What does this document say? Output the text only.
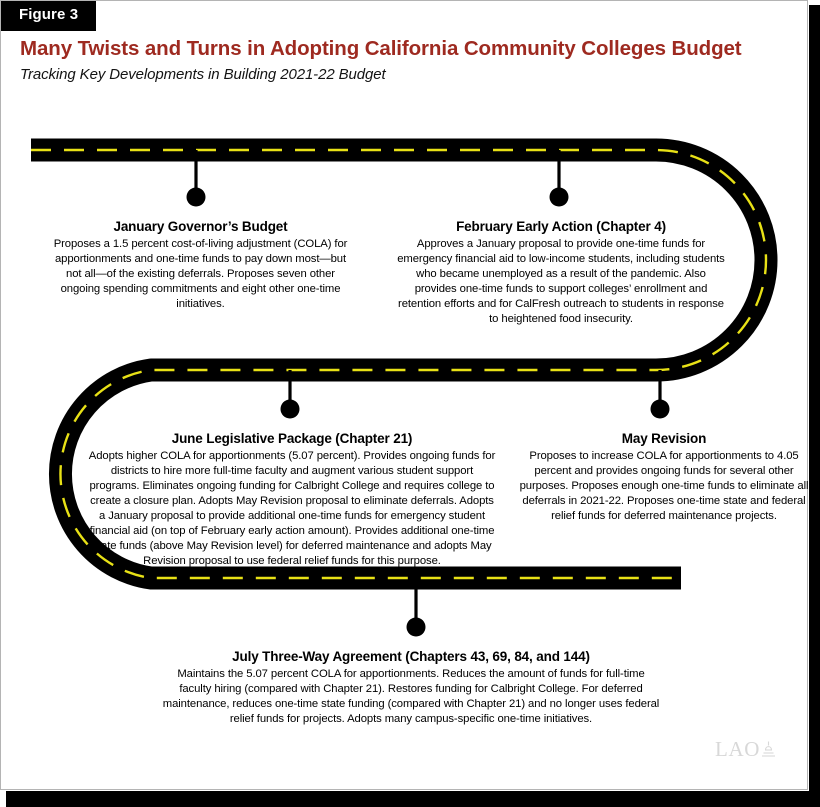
Figure 3
Many Twists and Turns in Adopting California Community Colleges Budget
Tracking Key Developments in Building 2021-22 Budget

January Governor’s Budget

Proposes a 1.5 percent cost-of-living adjustment (COLA) for apportionments and one-time funds to pay down most—but not all—of the existing deferrals. Proposes seven other ongoing spending commitments and eight other one-time initiatives.

February Early Action (Chapter 4)

Approves a January proposal to provide one-time funds for emergency financial aid to low-income students, including students who became unemployed as a result of the pandemic. Also provides one-time funds to support colleges’ enrollment and retention efforts and for CalFresh outreach to students in response to heightened food insecurity.

June Legislative Package (Chapter 21)

Adopts higher COLA for apportionments (5.07 percent). Provides ongoing funds for districts to hire more full-time faculty and augment various student support programs. Eliminates ongoing funding for Calbright College and requires college to create a closure plan. Adopts May Revision proposal to eliminate deferrals. Adopts a January proposal to provide additional one-time funds for emergency student financial aid (on top of February early action amount). Provides additional one-time state funds (above May Revision level) for deferred maintenance and adopts May Revision proposal to use federal relief funds for this purpose.

May Revision

Proposes to increase COLA for apportionments to 4.05 percent and provides ongoing funds for several other purposes. Proposes enough one-time funds to eliminate all deferrals in 2021-22. Proposes one-time state and federal relief funds for deferred maintenance projects.

July Three-Way Agreement (Chapters 43, 69, 84, and 144)

Maintains the 5.07 percent COLA for apportionments. Reduces the amount of funds for full-time faculty hiring (compared with Chapter 21). Restores funding for Calbright College. For deferred maintenance, reduces one-time state funding (compared with Chapter 21) and no longer uses federal relief funds for projects. Adopts many campus-specific one-time initiatives.

LAO
